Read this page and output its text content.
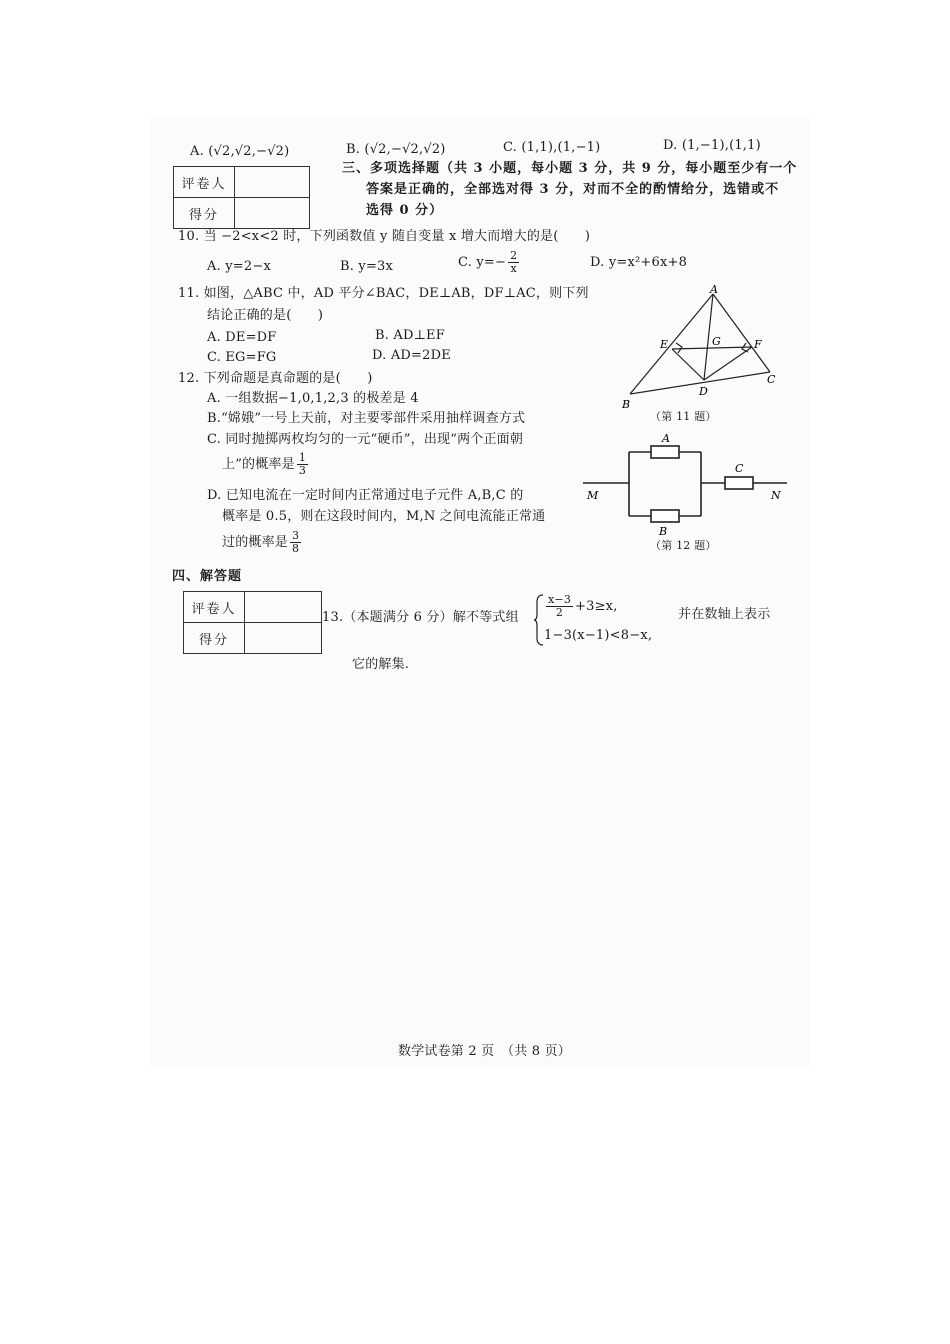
A. (√2,√2,−√2)	B. (√2,−√2,√2)	C. (1,1),(1,−1)	D. (1,−1),(1,1)
评卷人	
得分	
三、多项选择题（共 3 小题，每小题 3 分，共 9 分，每小题至少有一个
答案是正确的，全部选对得 3 分，对而不全的酌情给分，选错或不
选得 0 分）
10. 当 −2<x<2 时，下列函数值 y 随自变量 x 增大而增大的是(　　)
A. y=2−x	B. y=3x	C. $y=- \frac{2}{x}$	D. y=x²+6x+8
11. 如图，△ABC 中，AD 平分∠BAC，DE⊥AB，DF⊥AC，则下列
结论正确的是(　　)
A. DE=DF	B. AD⊥EF
C. EG=FG	D. AD=2DE
A
B
C
D
E	F
G
（第 11 题）
12. 下列命题是真命题的是(　　)
A. 一组数据−1,0,1,2,3 的极差是 4
B.“嫦娥”一号上天前，对主要零部件采用抽样调查方式
C. 同时抛掷两枚均匀的一元“硬币”，出现“两个正面朝
上”的概率是 $\frac{1}{3}$
D. 已知电流在一定时间内正常通过电子元件 A,B,C 的
概率是 0.5，则在这段时间内，M,N 之间电流能正常通
过的概率是 $\frac{3}{8}$
A
B
C
M	N
（第 12 题）
四、解答题
评卷人	
得分	
13.（本题满分 6 分）解不等式组 $\frac{x-3}{2} +3\ge x$,
1−3(x−1)<8−x,
并在数轴上表示
它的解集.
数学试卷第 2 页　（共 8 页）
